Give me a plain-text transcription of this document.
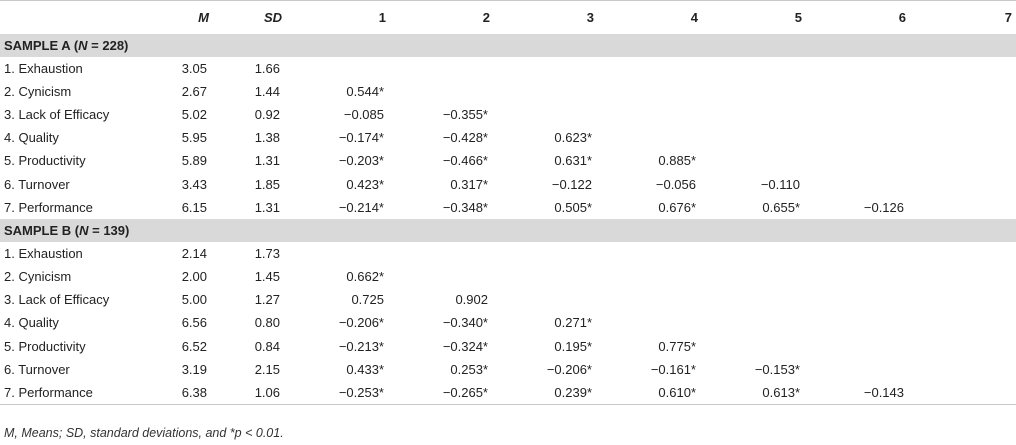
	M	SD	1	2	3	4	5	6	7
SAMPLE A (N = 228)									
1. Exhaustion	3.05	1.66							
2. Cynicism	2.67	1.44	0.544*						
3. Lack of Efficacy	5.02	0.92	−0.085	−0.355*					
4. Quality	5.95	1.38	−0.174*	−0.428*	0.623*				
5. Productivity	5.89	1.31	−0.203*	−0.466*	0.631*	0.885*			
6. Turnover	3.43	1.85	0.423*	0.317*	−0.122	−0.056	−0.110		
7. Performance	6.15	1.31	−0.214*	−0.348*	0.505*	0.676*	0.655*	−0.126	
SAMPLE B (N = 139)									
1. Exhaustion	2.14	1.73							
2. Cynicism	2.00	1.45	0.662*						
3. Lack of Efficacy	5.00	1.27	0.725	0.902					
4. Quality	6.56	0.80	−0.206*	−0.340*	0.271*				
5. Productivity	6.52	0.84	−0.213*	−0.324*	0.195*	0.775*			
6. Turnover	3.19	2.15	0.433*	0.253*	−0.206*	−0.161*	−0.153*		
7. Performance	6.38	1.06	−0.253*	−0.265*	0.239*	0.610*	0.613*	−0.143	
M, Means; SD, standard deviations, and *p < 0.01.
